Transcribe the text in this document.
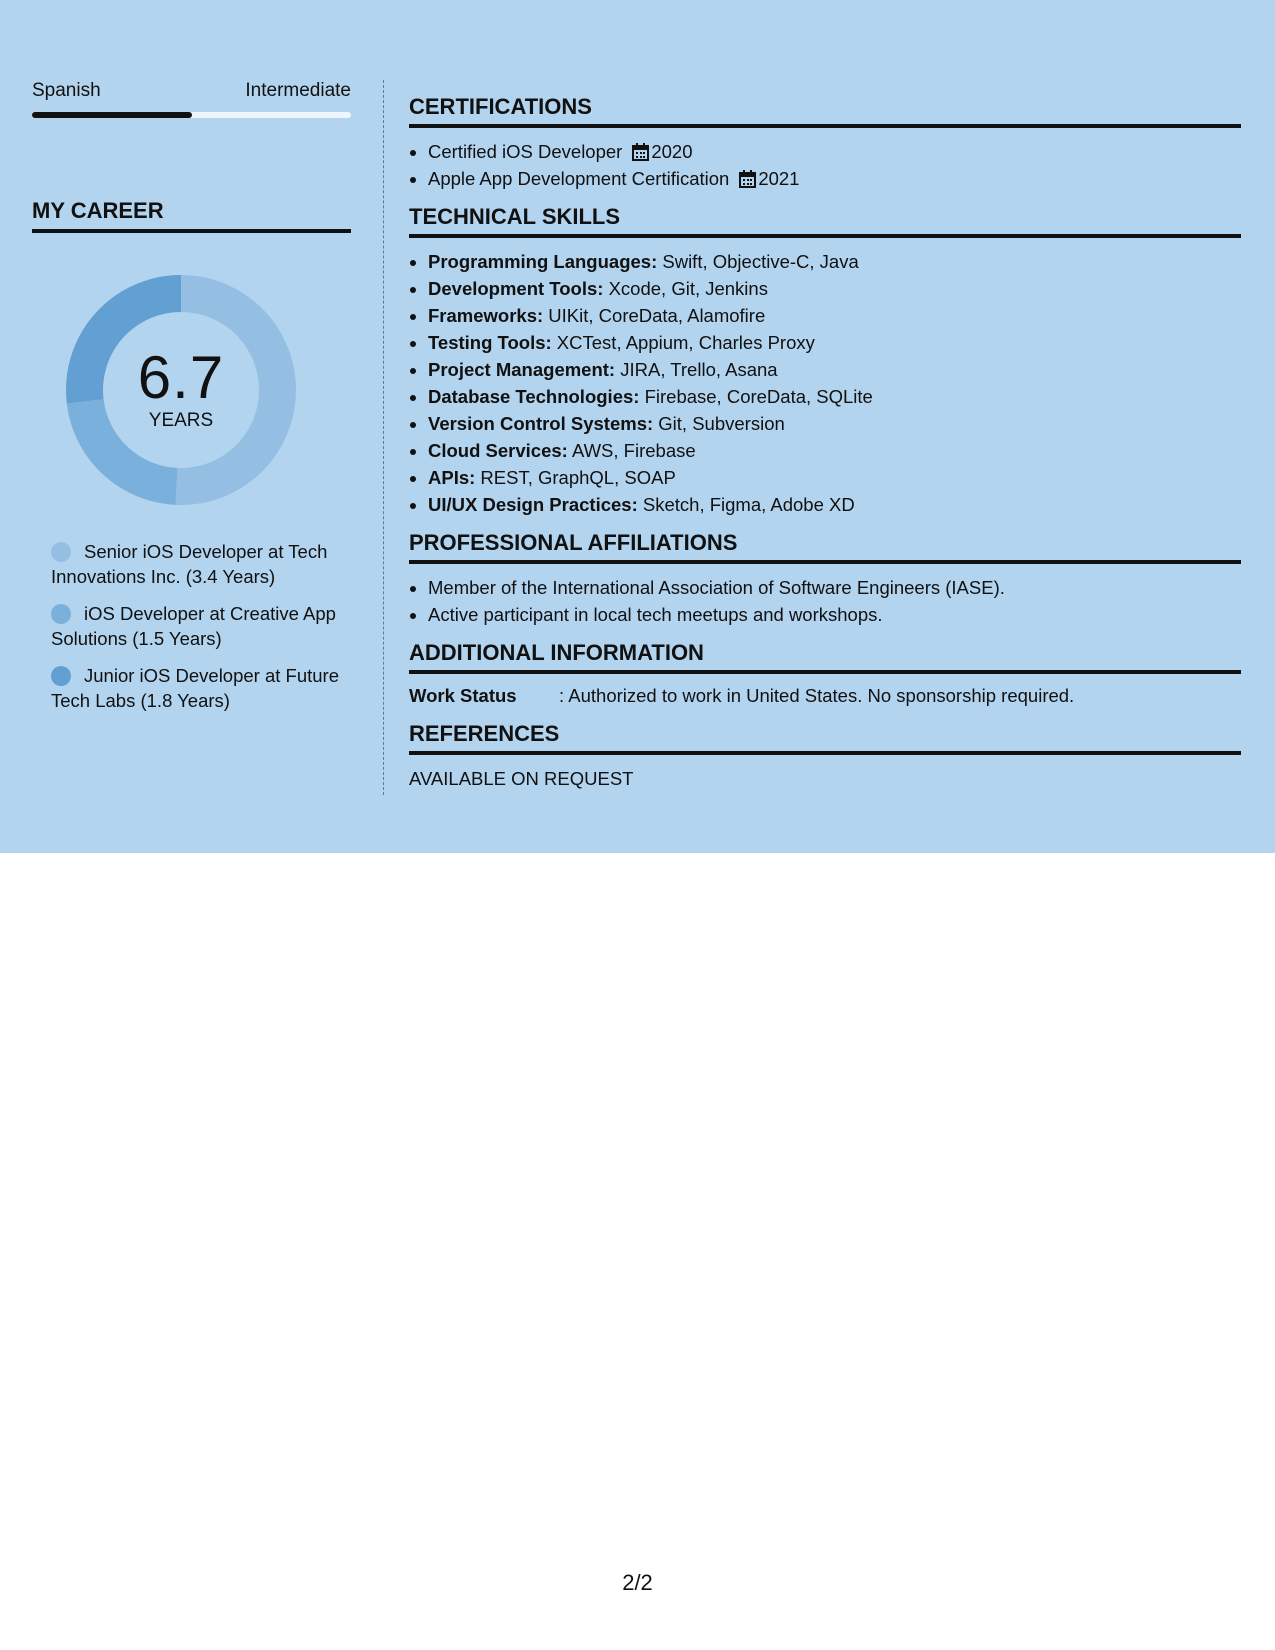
Spanish	Intermediate
MY CAREER
6.7
YEARS
Senior iOS Developer at Tech Innovations Inc. (3.4 Years)
iOS Developer at Creative App Solutions (1.5 Years)
Junior iOS Developer at Future Tech Labs (1.8 Years)
CERTIFICATIONS
• Certified iOS Developer 2020
• Apple App Development Certification 2021
TECHNICAL SKILLS
• Programming Languages: Swift, Objective-C, Java
• Development Tools: Xcode, Git, Jenkins
• Frameworks: UIKit, CoreData, Alamofire
• Testing Tools: XCTest, Appium, Charles Proxy
• Project Management: JIRA, Trello, Asana
• Database Technologies: Firebase, CoreData, SQLite
• Version Control Systems: Git, Subversion
• Cloud Services: AWS, Firebase
• APIs: REST, GraphQL, SOAP
• UI/UX Design Practices: Sketch, Figma, Adobe XD
PROFESSIONAL AFFILIATIONS
• Member of the International Association of Software Engineers (IASE).
• Active participant in local tech meetups and workshops.
ADDITIONAL INFORMATION
Work Status	: Authorized to work in United States. No sponsorship required.
REFERENCES

AVAILABLE ON REQUEST

2/2
